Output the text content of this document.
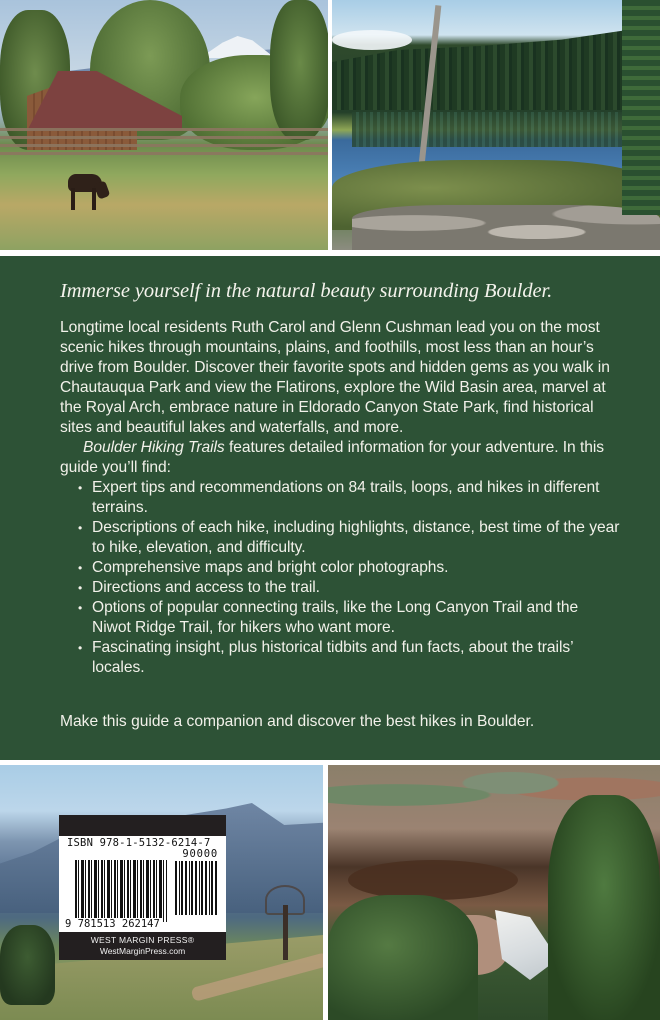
Immerse yourself in the natural beauty surrounding Boulder.

Longtime local residents Ruth Carol and Glenn Cushman lead you on the most scenic hikes through mountains, plains, and foothills, most less than an hour’s drive from Boulder. Discover their favorite spots and hidden gems as you walk in Chautauqua Park and view the Flatirons, explore the Wild Basin area, marvel at the Royal Arch, embrace nature in Eldorado Canyon State Park, find historical sites and beautiful lakes and waterfalls, and more.

Boulder Hiking Trails features detailed information for your adventure. In this guide you’ll find:

• Expert tips and recommendations on 84 trails, loops, and hikes in different terrains.
• Descriptions of each hike, including highlights, distance, best time of the year to hike, elevation, and difficulty.
• Comprehensive maps and bright color photographs.
• Directions and access to the trail.
• Options of popular connecting trails, like the Long Canyon Trail and the Niwot Ridge Trail, for hikers who want more.
• Fascinating insight, plus historical tidbits and fun facts, about the trails’ locales.
Make this guide a companion and discover the best hikes in Boulder.
ISBN 978-1-5132-6214-7
90000
9 781513 262147
WEST MARGIN PRESS®
WestMarginPress.com
